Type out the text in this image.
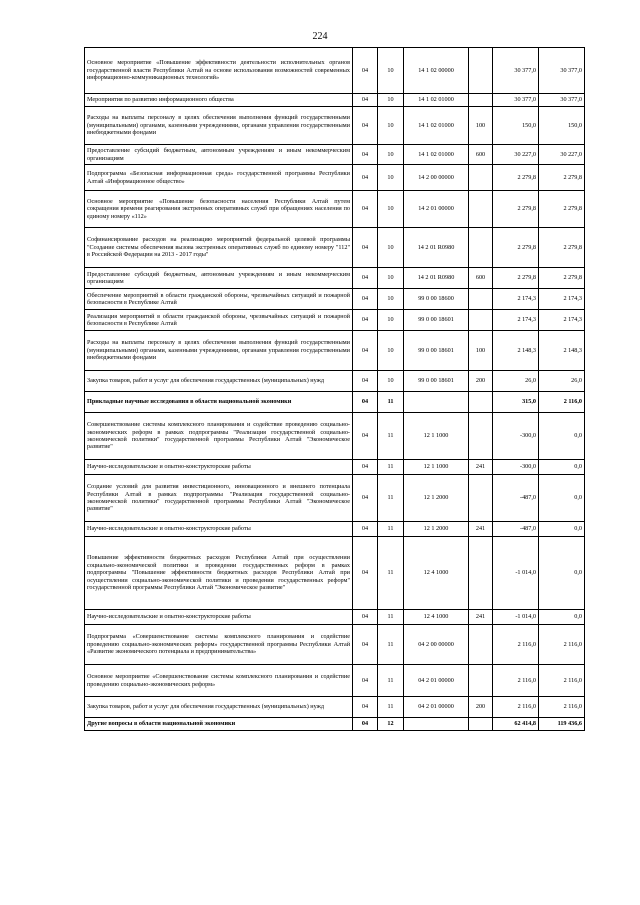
224
Основное мероприятие «Повышение эффективности деятельности исполнительных органов государственной власти Республики Алтай на основе использования возможностей современных информационно-коммуникационных технологий»	04	10	14 1 02 00000		30 377,0	30 377,0
Мероприятия по развитию информационного общества	04	10	14 1 02 01000		30 377,0	30 377,0
Расходы на выплаты персоналу в целях обеспечения выполнения функций государственными (муниципальными) органами, казенными учреждениями, органами управления государственными внебюджетными фондами	04	10	14 1 02 01000	100	150,0	150,0
Предоставление субсидий бюджетным, автономным учреждениям и иным некоммерческим организациям	04	10	14 1 02 01000	600	30 227,0	30 227,0
Подпрограмма «Безопасная информационная среда» государственной программы Республики Алтай «Информационное общество»	04	10	14 2 00 00000		2 279,8	2 279,8
Основное мероприятие «Повышение безопасности населения Республики Алтай путем сокращения времени реагирования экстренных оперативных служб при обращениях населения по единому номеру «112»	04	10	14 2 01 00000		2 279,8	2 279,8
Софинансирование расходов на реализацию мероприятий федеральной целевой программы "Создание системы обеспечения вызова экстренных оперативных служб по единому номеру "112" в Российской Федерации на 2013 - 2017 годы"	04	10	14 2 01 R0980		2 279,8	2 279,8
Предоставление субсидий бюджетным, автономным учреждениям и иным некоммерческим организациям	04	10	14 2 01 R0980	600	2 279,8	2 279,8
Обеспечение мероприятий в области гражданской обороны, чрезвычайных ситуаций и пожарной безопасности в Республике Алтай	04	10	99 0 00 18600		2 174,3	2 174,3
Реализация мероприятий в области гражданской обороны, чрезвычайных ситуаций и пожарной безопасности в Республике Алтай	04	10	99 0 00 18601		2 174,3	2 174,3
Расходы на выплаты персоналу в целях обеспечения выполнения функций государственными (муниципальными) органами, казенными учреждениями, органами управления государственными внебюджетными фондами	04	10	99 0 00 18601	100	2 148,3	2 148,3
Закупка товаров, работ и услуг для обеспечения государственных (муниципальных) нужд	04	10	99 0 00 18601	200	26,0	26,0
Прикладные научные исследования в области национальной экономики	04	11			315,0	2 116,0
Совершенствование системы комплексного планирования и содействие проведению социально-экономических реформ в рамках подпрограммы "Реализация государственной социально-экономической политики" государственной программы Республики Алтай "Экономическое развитие"	04	11	12 1 1000		-300,0	0,0
Научно-исследовательские и опытно-конструкторские работы	04	11	12 1 1000	241	-300,0	0,0
Создание условий для развития инвестиционного, инновационного и внешнего потенциала Республики Алтай в рамках подпрограммы "Реализация государственной социально-экономической политики" государственной программы Республики Алтай "Экономическое развитие"	04	11	12 1 2000		-487,0	0,0
Научно-исследовательские и опытно-конструкторские работы	04	11	12 1 2000	241	-487,0	0,0
Повышение эффективности бюджетных расходов Республики Алтай при осуществлении социально-экономической политики и проведении государственных реформ в рамках подпрограммы "Повышение эффективности бюджетных расходов Республики Алтай при осуществлении социально-экономической политики и проведении государственных реформ" государственной программы Республики Алтай "Экономическое развитие"	04	11	12 4 1000		-1 014,0	0,0
Научно-исследовательские и опытно-конструкторские работы	04	11	12 4 1000	241	-1 014,0	0,0
Подпрограмма «Совершенствование системы комплексного планирования и содействие проведению социально-экономических реформ» государственной программы Республики Алтай «Развитие экономического потенциала и предпринимательства»	04	11	04 2 00 00000		2 116,0	2 116,0
Основное мероприятие «Совершенствование системы комплексного планирования и содействие проведению социально-экономических реформ»	04	11	04 2 01 00000		2 116,0	2 116,0
Закупка товаров, работ и услуг для обеспечения государственных (муниципальных) нужд	04	11	04 2 01 00000	200	2 116,0	2 116,0
Другие вопросы в области национальной экономики	04	12			62 414,8	119 436,6
